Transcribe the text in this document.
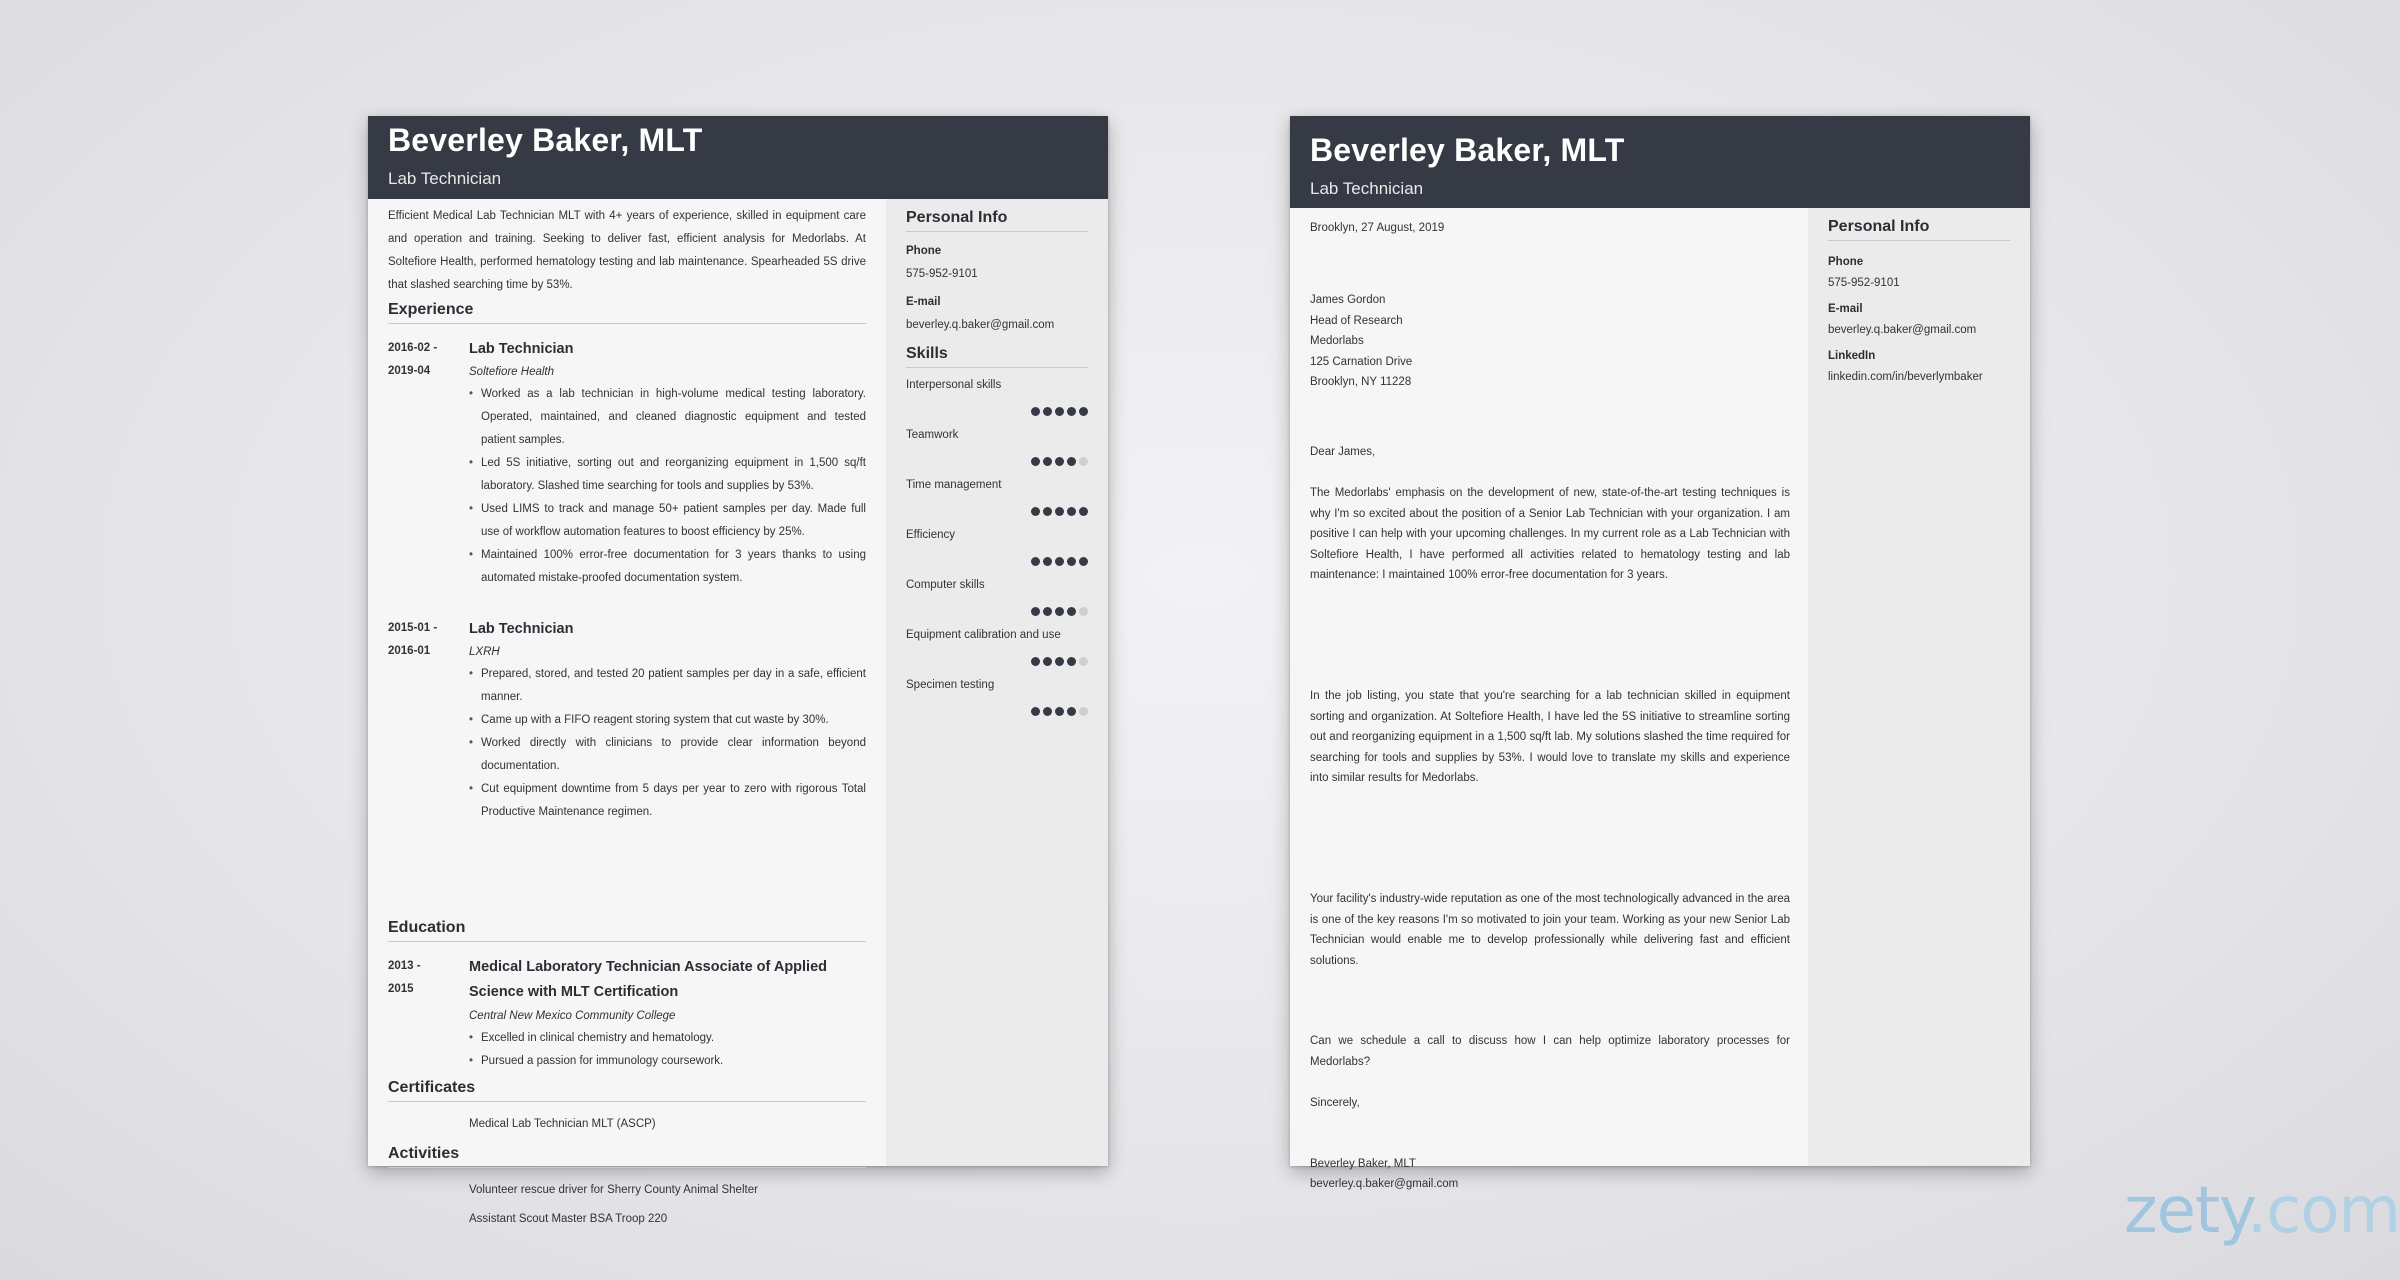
Beverley Baker, MLT
Lab Technician
Efficient Medical Lab Technician MLT with 4+ years of experience, skilled in equipment care and operation and training. Seeking to deliver fast, efficient analysis for Medorlabs. At Soltefiore Health, performed hematology testing and lab maintenance. Spearheaded 5S drive that slashed searching time by 53%.
Experience
2016-02 -
2019-04
Lab Technician
Soltefiore Health
• Worked as a lab technician in high-volume medical testing laboratory. Operated, maintained, and cleaned diagnostic equipment and tested patient samples.
• Led 5S initiative, sorting out and reorganizing equipment in 1,500 sq/ft laboratory. Slashed time searching for tools and supplies by 53%.
• Used LIMS to track and manage 50+ patient samples per day. Made full use of workflow automation features to boost efficiency by 25%.
• Maintained 100% error-free documentation for 3 years thanks to using automated mistake-proofed documentation system.
2015-01 -
2016-01
Lab Technician
LXRH
• Prepared, stored, and tested 20 patient samples per day in a safe, efficient manner.
• Came up with a FIFO reagent storing system that cut waste by 30%.
• Worked directly with clinicians to provide clear information beyond documentation.
• Cut equipment downtime from 5 days per year to zero with rigorous Total Productive Maintenance regimen.
Education
2013 -
2015
Medical Laboratory Technician Associate of Applied Science with MLT Certification
Central New Mexico Community College
• Excelled in clinical chemistry and hematology.
• Pursued a passion for immunology coursework.
Certificates
Medical Lab Technician MLT (ASCP)
Activities
Volunteer rescue driver for Sherry County Animal Shelter
Assistant Scout Master BSA Troop 220
Personal Info
Phone
575-952-9101
E-mail
beverley.q.baker@gmail.com
Skills
Interpersonal skills
Teamwork
Time management
Efficiency
Computer skills
Equipment calibration and use
Specimen testing
Beverley Baker, MLT
Lab Technician
Brooklyn, 27 August, 2019
James Gordon
Head of Research
Medorlabs
125 Carnation Drive
Brooklyn, NY 11228
Dear James,
The Medorlabs' emphasis on the development of new, state-of-the-art testing techniques is why I'm so excited about the position of a Senior Lab Technician with your organization. I am positive I can help with your upcoming challenges. In my current role as a Lab Technician with Soltefiore Health, I have performed all activities related to hematology testing and lab maintenance: I maintained 100% error-free documentation for 3 years.
In the job listing, you state that you're searching for a lab technician skilled in equipment sorting and organization. At Soltefiore Health, I have led the 5S initiative to streamline sorting out and reorganizing equipment in a 1,500 sq/ft lab. My solutions slashed the time required for searching for tools and supplies by 53%. I would love to translate my skills and experience into similar results for Medorlabs.
Your facility's industry-wide reputation as one of the most technologically advanced in the area is one of the key reasons I'm so motivated to join your team. Working as your new Senior Lab Technician would enable me to develop professionally while delivering fast and efficient solutions.
Can we schedule a call to discuss how I can help optimize laboratory processes for Medorlabs?
Sincerely,
Beverley Baker, MLT
beverley.q.baker@gmail.com
Personal Info
Phone
575-952-9101
E-mail
beverley.q.baker@gmail.com
LinkedIn
linkedin.com/in/beverlymbaker
zety.com
